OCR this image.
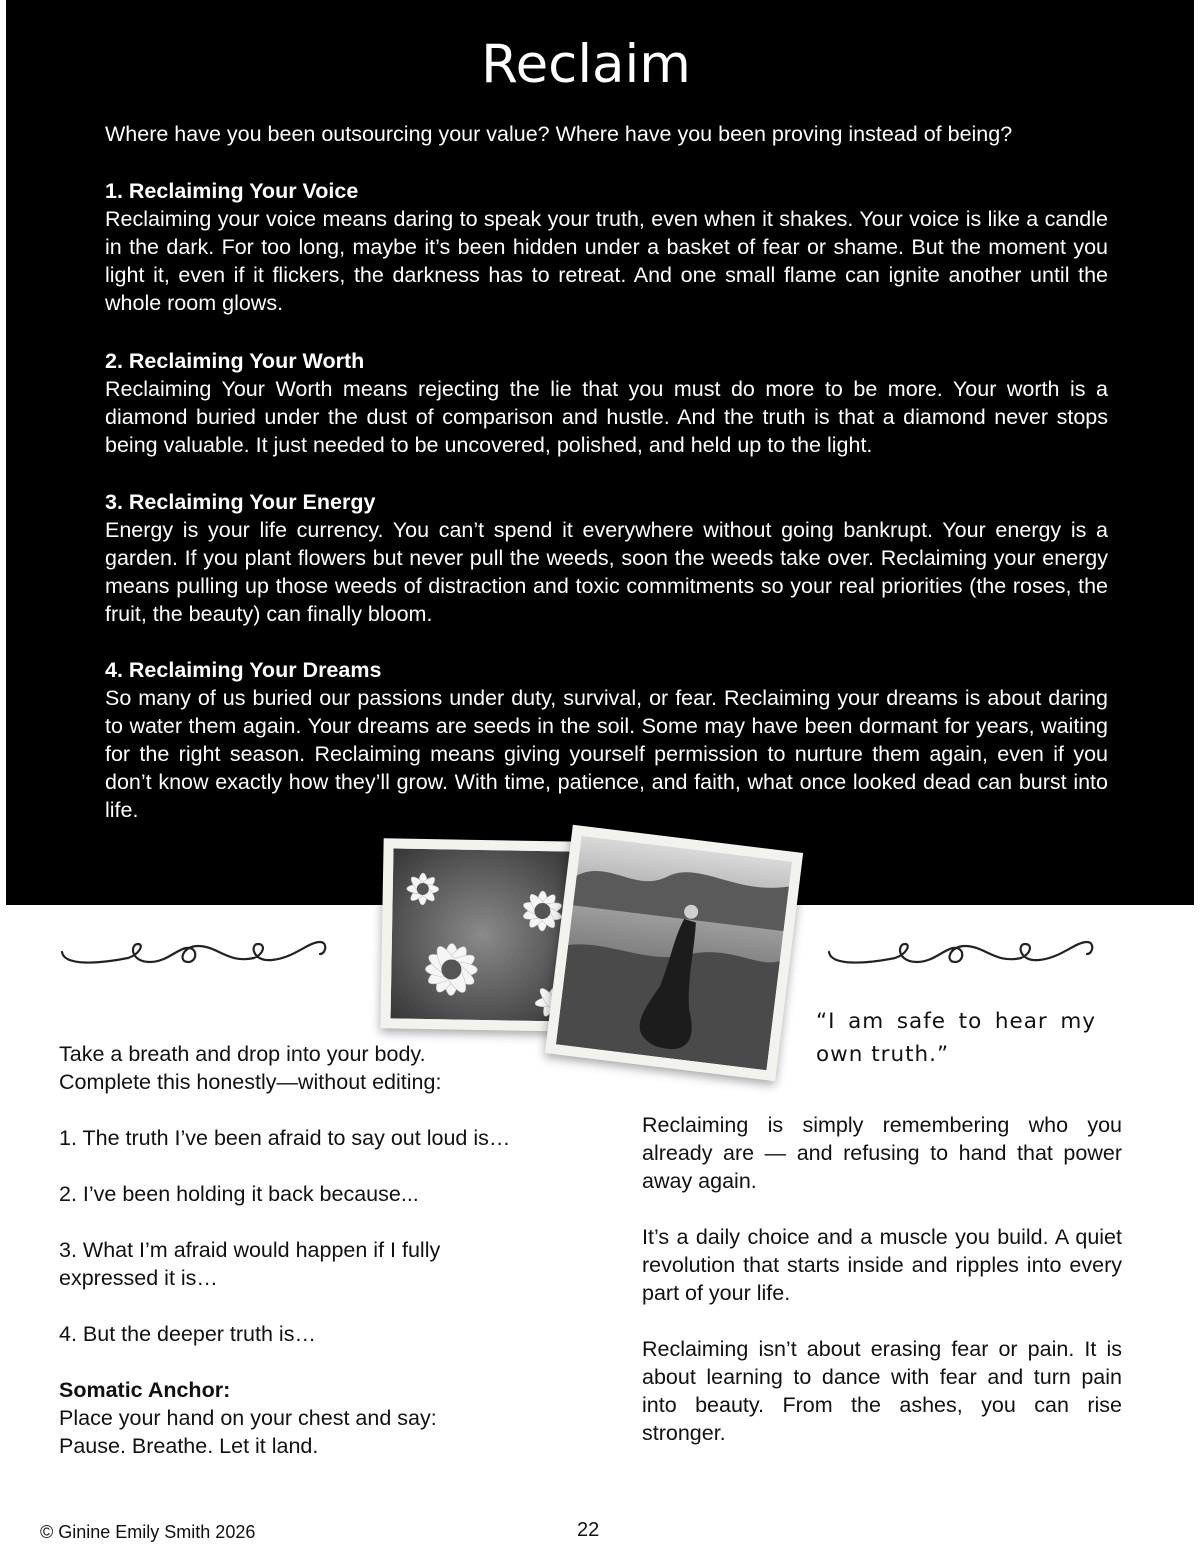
Reclaim

Where have you been outsourcing your value? Where have you been proving instead of being?

1. Reclaiming Your Voice

Reclaiming your voice means daring to speak your truth, even when it shakes. Your voice is like a candle in the dark. For too long, maybe it’s been hidden under a basket of fear or shame. But the moment you light it, even if it flickers, the darkness has to retreat. And one small flame can ignite another until the whole room glows.

2. Reclaiming Your Worth

Reclaiming Your Worth means rejecting the lie that you must do more to be more. Your worth is a diamond buried under the dust of comparison and hustle. And the truth is that a diamond never stops being valuable. It just needed to be uncovered, polished, and held up to the light.

3. Reclaiming Your Energy

Energy is your life currency. You can’t spend it everywhere without going bankrupt. Your energy is a garden. If you plant flowers but never pull the weeds, soon the weeds take over. Reclaiming your energy means pulling up those weeds of distraction and toxic commitments so your real priorities (the roses, the fruit, the beauty) can finally bloom.

4. Reclaiming Your Dreams

So many of us buried our passions under duty, survival, or fear. Reclaiming your dreams is about daring to water them again. Your dreams are seeds in the soil. Some may have been dormant for years, waiting for the right season. Reclaiming means giving yourself permission to nurture them again, even if you don’t know exactly how they’ll grow. With time, patience, and faith, what once looked dead can burst into life.

“I am safe to hear my own truth.”

Take a breath and drop into your body.
Complete this honestly—without editing:

1. The truth I’ve been afraid to say out loud is…

2. I’ve been holding it back because...

3. What I’m afraid would happen if I fully expressed it is…

4. But the deeper truth is…

Somatic Anchor:

Place your hand on your chest and say:
Pause. Breathe. Let it land.

Reclaiming is simply remembering who you already are — and refusing to hand that power away again.

It’s a daily choice and a muscle you build. A quiet revolution that starts inside and ripples into every part of your life.

Reclaiming isn’t about erasing fear or pain. It is about learning to dance with fear and turn pain into beauty. From the ashes, you can rise stronger.

© Ginine Emily Smith 2026	22
